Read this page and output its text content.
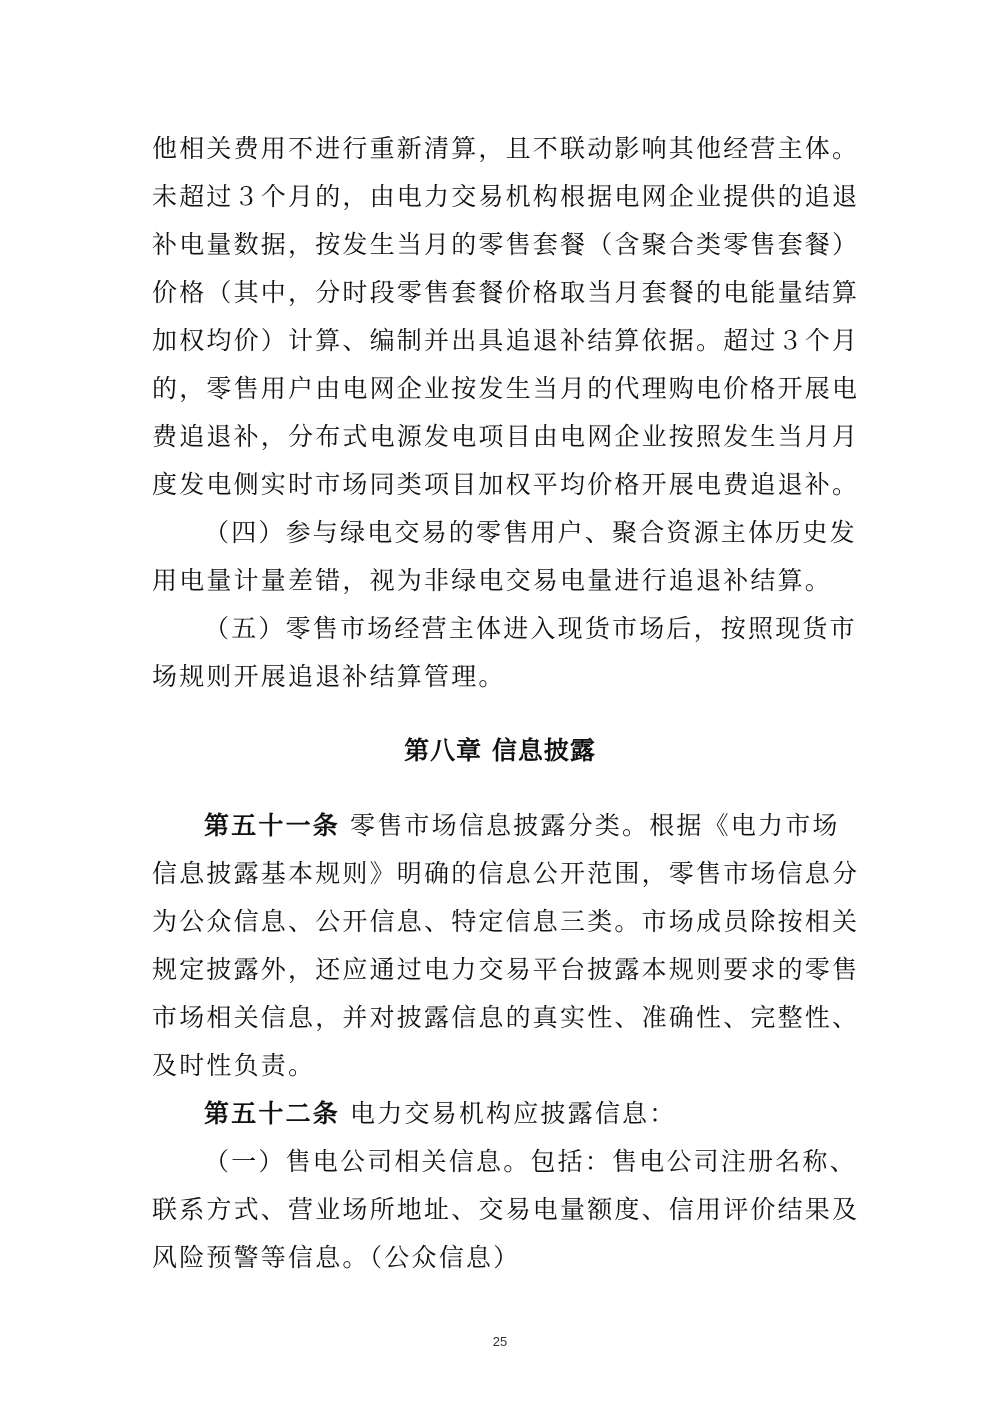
他相关费用不进行重新清算，且不联动影响其他经营主体。
未超过３个月的，由电力交易机构根据电网企业提供的追退
补电量数据，按发生当月的零售套餐（含聚合类零售套餐）
价格（其中，分时段零售套餐价格取当月套餐的电能量结算
加权均价）计算、编制并出具追退补结算依据。超过３个月
的，零售用户由电网企业按发生当月的代理购电价格开展电
费追退补，分布式电源发电项目由电网企业按照发生当月月
度发电侧实时市场同类项目加权平均价格开展电费追退补。
（四）参与绿电交易的零售用户、聚合资源主体历史发
用电量计量差错，视为非绿电交易电量进行追退补结算。
（五）零售市场经营主体进入现货市场后，按照现货市
场规则开展追退补结算管理。
第八章 信息披露
第五十一条 零售市场信息披露分类。根据《电力市场
信息披露基本规则》明确的信息公开范围，零售市场信息分
为公众信息、公开信息、特定信息三类。市场成员除按相关
规定披露外，还应通过电力交易平台披露本规则要求的零售
市场相关信息，并对披露信息的真实性、准确性、完整性、
及时性负责。
第五十二条 电力交易机构应披露信息：
（一）售电公司相关信息。包括：售电公司注册名称、
联系方式、营业场所地址、交易电量额度、信用评价结果及
风险预警等信息。（公众信息）
25
